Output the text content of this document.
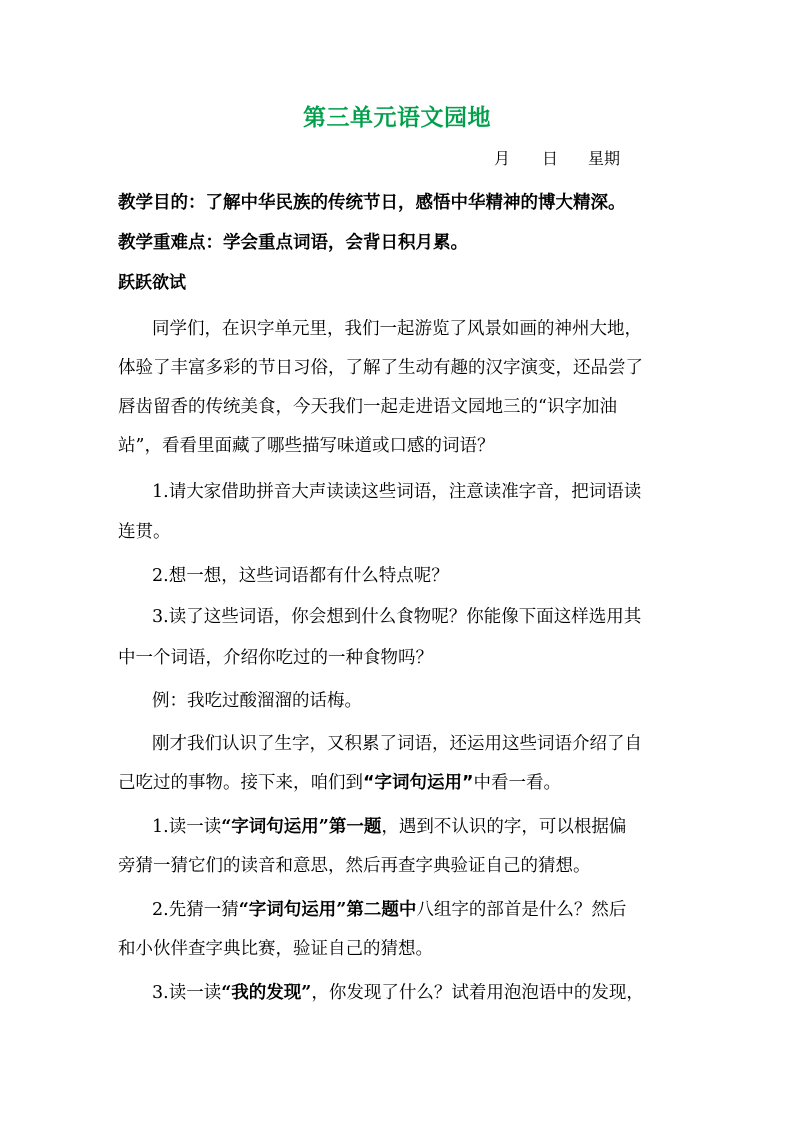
第三单元语文园地
月 日 星期
教学目的：了解中华民族的传统节日，感悟中华精神的博大精深。
教学重难点：学会重点词语，会背日积月累。
跃跃欲试
同学们，在识字单元里，我们一起游览了风景如画的神州大地，
体验了丰富多彩的节日习俗，了解了生动有趣的汉字演变，还品尝了
唇齿留香的传统美食，今天我们一起走进语文园地三的“识字加油
站”，看看里面藏了哪些描写味道或口感的词语？
1.请大家借助拼音大声读读这些词语，注意读准字音，把词语读
连贯。
2.想一想，这些词语都有什么特点呢？
3.读了这些词语，你会想到什么食物呢？你能像下面这样选用其
中一个词语，介绍你吃过的一种食物吗？
例：我吃过酸溜溜的话梅。
刚才我们认识了生字，又积累了词语，还运用这些词语介绍了自
己吃过的事物。接下来，咱们到“字词句运用”中看一看。
1.读一读“字词句运用”第一题，遇到不认识的字，可以根据偏
旁猜一猜它们的读音和意思，然后再查字典验证自己的猜想。
2.先猜一猜“字词句运用”第二题中八组字的部首是什么？然后
和小伙伴查字典比赛，验证自己的猜想。
3.读一读“我的发现”，你发现了什么？试着用泡泡语中的发现，
